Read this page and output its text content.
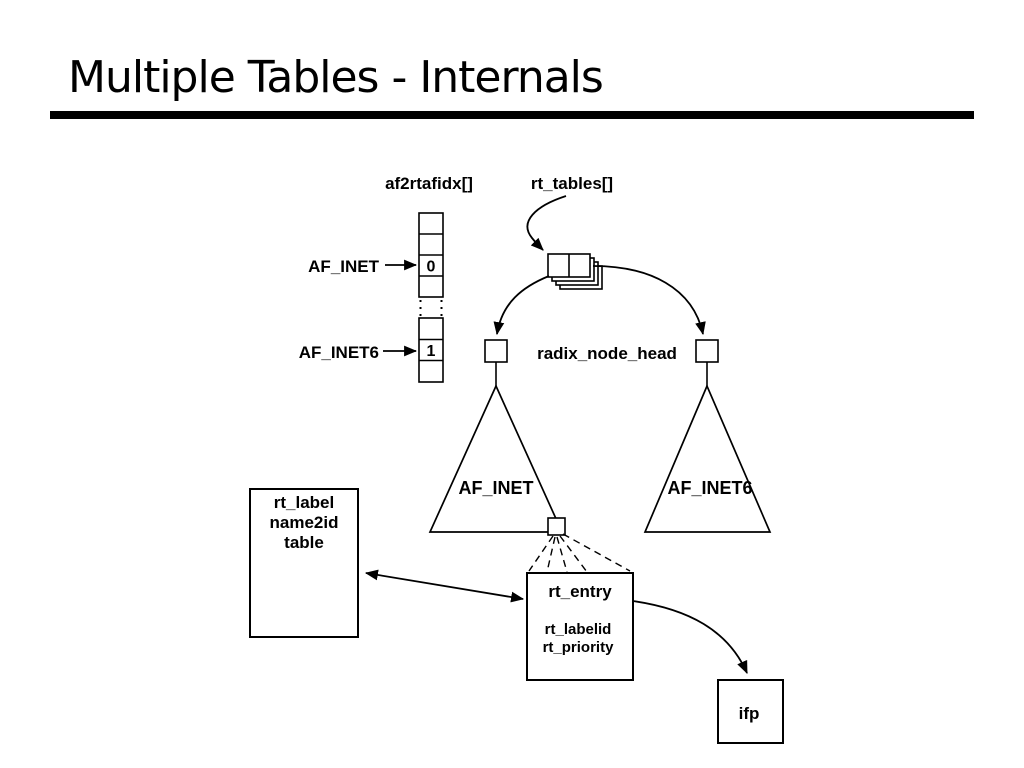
Multiple Tables - Internals
af2rtafidx[]
0
1
AF_INET
AF_INET6
rt_tables[]
radix_node_head
AF_INET	AF_INET6
rt_label
name2id
table
rt_entry
rt_labelid
rt_priority
ifp
